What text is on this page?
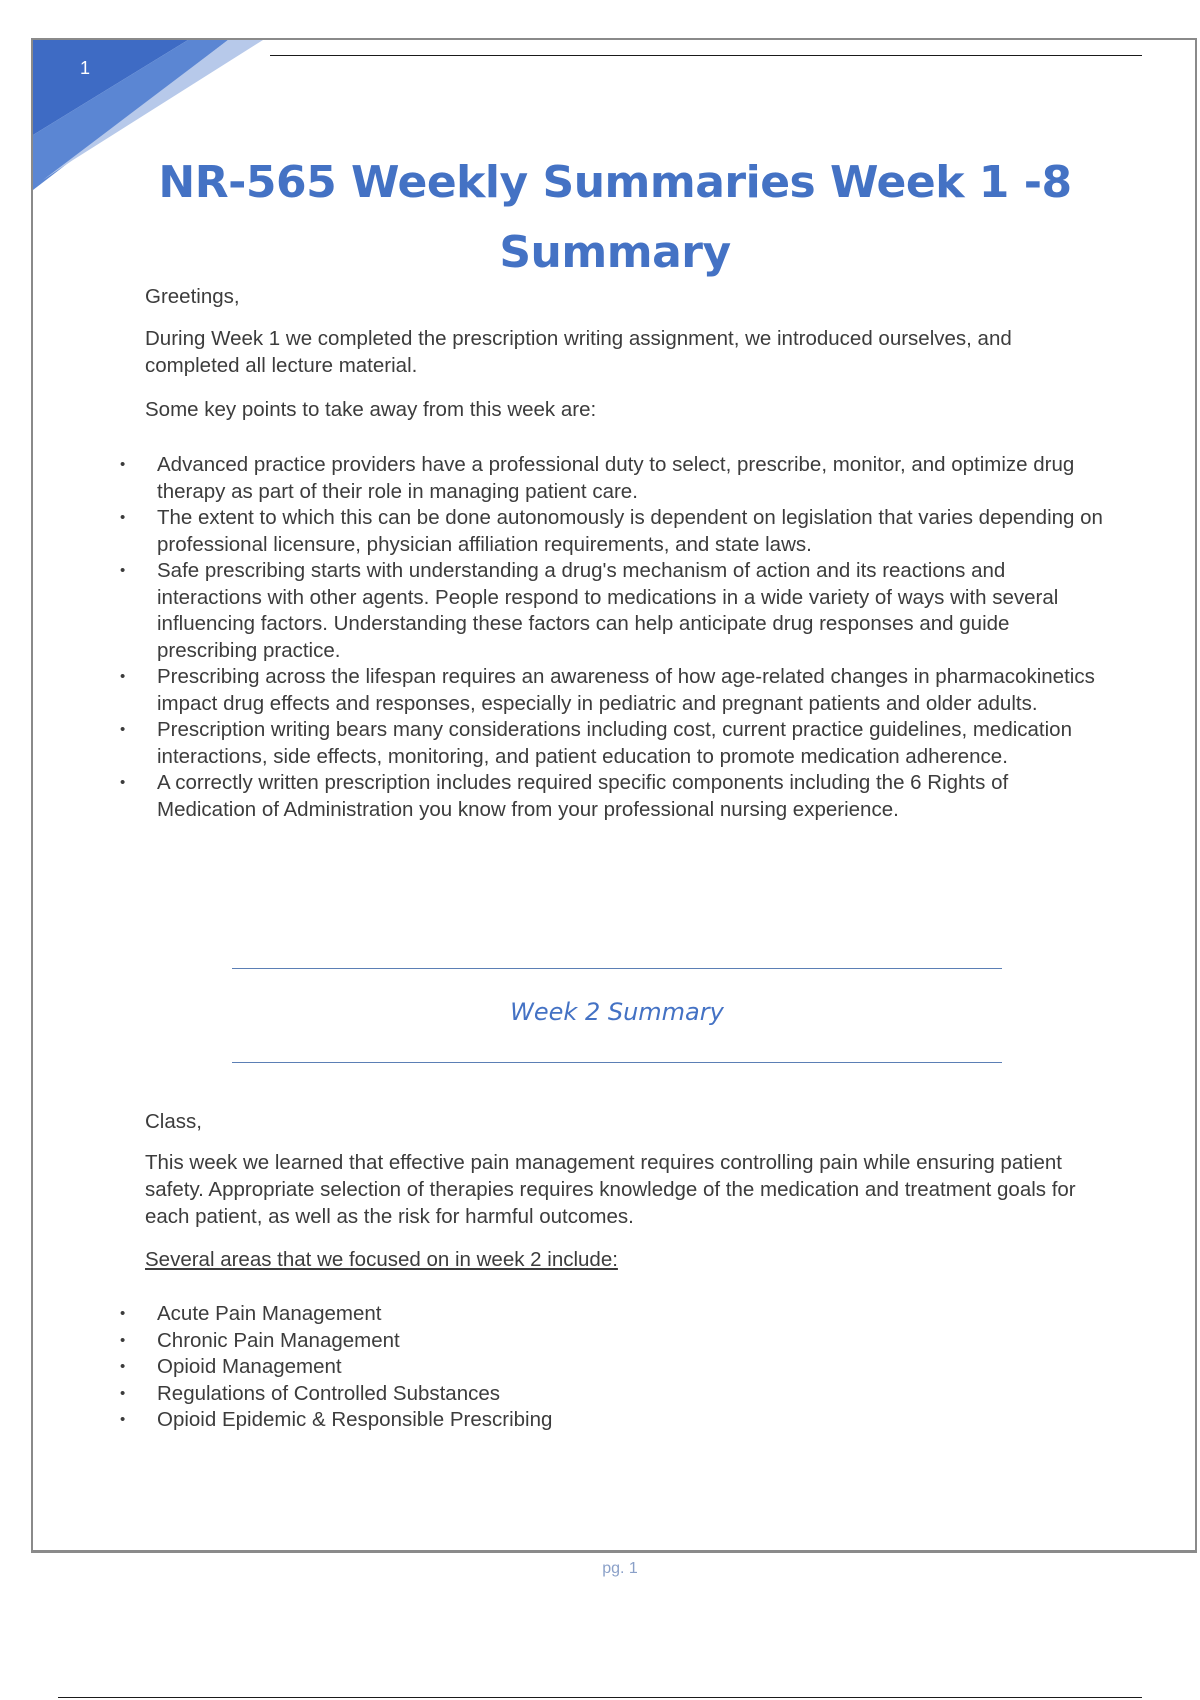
1
NR-565 Weekly Summaries Week 1 -8
Summary
Greetings,
During Week 1 we completed the prescription writing assignment, we introduced ourselves, and completed all lecture material.
Some key points to take away from this week are:
• Advanced practice providers have a professional duty to select, prescribe, monitor, and optimize drug therapy as part of their role in managing patient care.
• The extent to which this can be done autonomously is dependent on legislation that varies depending on professional licensure, physician affiliation requirements, and state laws.
• Safe prescribing starts with understanding a drug's mechanism of action and its reactions and interactions with other agents. People respond to medications in a wide variety of ways with several influencing factors. Understanding these factors can help anticipate drug responses and guide prescribing practice.
• Prescribing across the lifespan requires an awareness of how age-related changes in pharmacokinetics impact drug effects and responses, especially in pediatric and pregnant patients and older adults.
• Prescription writing bears many considerations including cost, current practice guidelines, medication interactions, side effects, monitoring, and patient education to promote medication adherence.
• A correctly written prescription includes required specific components including the 6 Rights of Medication of Administration you know from your professional nursing experience.
Week 2 Summary
Class,
This week we learned that effective pain management requires controlling pain while ensuring patient safety. Appropriate selection of therapies requires knowledge of the medication and treatment goals for each patient, as well as the risk for harmful outcomes.
Several areas that we focused on in week 2 include:
• Acute Pain Management
• Chronic Pain Management
• Opioid Management
• Regulations of Controlled Substances
• Opioid Epidemic & Responsible Prescribing
pg. 1
